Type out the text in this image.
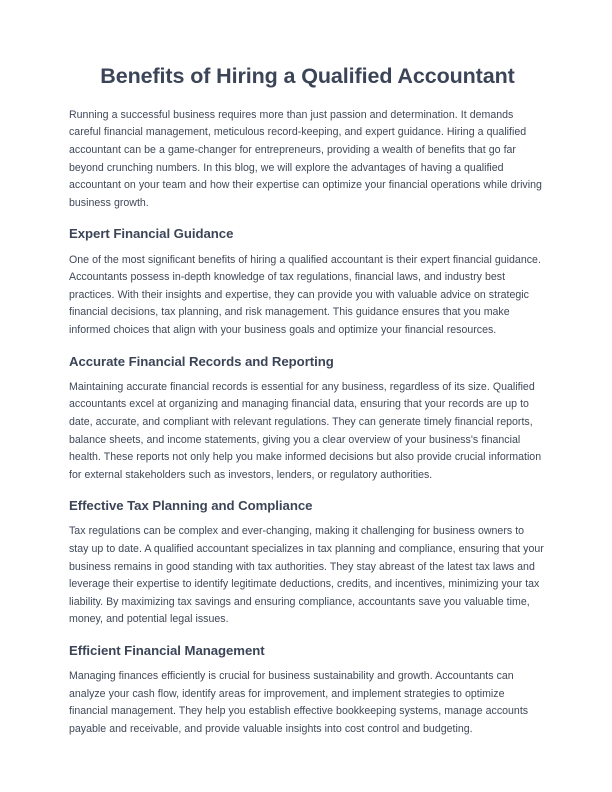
Benefits of Hiring a Qualified Accountant

Running a successful business requires more than just passion and determination. It demands careful financial management, meticulous record-keeping, and expert guidance. Hiring a qualified accountant can be a game-changer for entrepreneurs, providing a wealth of benefits that go far beyond crunching numbers. In this blog, we will explore the advantages of having a qualified accountant on your team and how their expertise can optimize your financial operations while driving business growth.

Expert Financial Guidance

One of the most significant benefits of hiring a qualified accountant is their expert financial guidance. Accountants possess in-depth knowledge of tax regulations, financial laws, and industry best practices. With their insights and expertise, they can provide you with valuable advice on strategic financial decisions, tax planning, and risk management. This guidance ensures that you make informed choices that align with your business goals and optimize your financial resources.

Accurate Financial Records and Reporting

Maintaining accurate financial records is essential for any business, regardless of its size. Qualified accountants excel at organizing and managing financial data, ensuring that your records are up to date, accurate, and compliant with relevant regulations. They can generate timely financial reports, balance sheets, and income statements, giving you a clear overview of your business's financial health. These reports not only help you make informed decisions but also provide crucial information for external stakeholders such as investors, lenders, or regulatory authorities.

Effective Tax Planning and Compliance

Tax regulations can be complex and ever-changing, making it challenging for business owners to stay up to date. A qualified accountant specializes in tax planning and compliance, ensuring that your business remains in good standing with tax authorities. They stay abreast of the latest tax laws and leverage their expertise to identify legitimate deductions, credits, and incentives, minimizing your tax liability. By maximizing tax savings and ensuring compliance, accountants save you valuable time, money, and potential legal issues.

Efficient Financial Management

Managing finances efficiently is crucial for business sustainability and growth. Accountants can analyze your cash flow, identify areas for improvement, and implement strategies to optimize financial management. They help you establish effective bookkeeping systems, manage accounts payable and receivable, and provide valuable insights into cost control and budgeting.
